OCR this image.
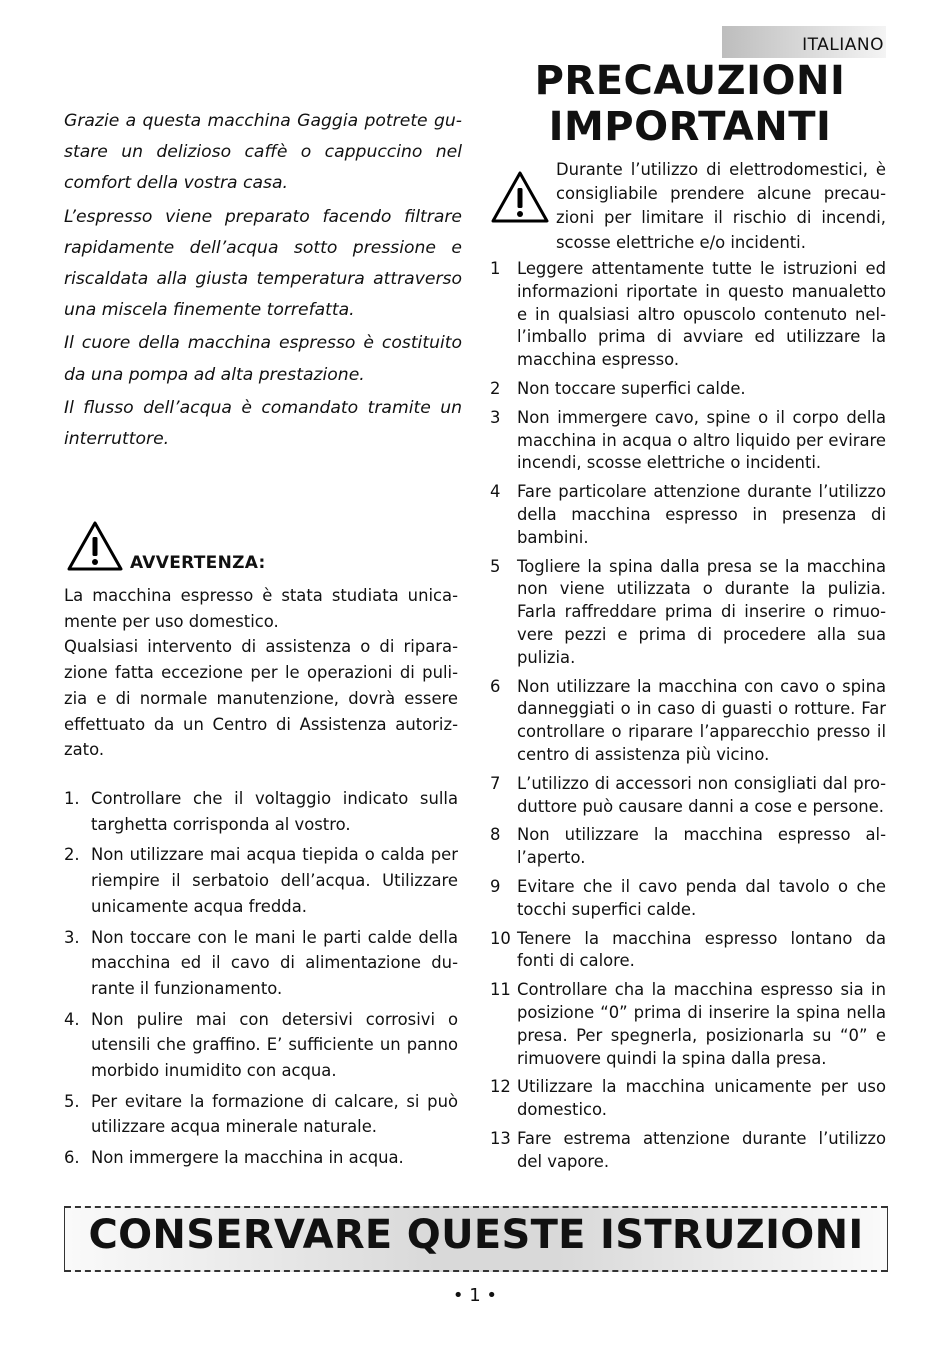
ITALIANO
PRECAUZIONI
IMPORTANTI

Grazie a questa macchina Gaggia potrete gustare un delizioso caffè o cappuccino nel comfort della vostra casa.

L’espresso viene preparato facendo filtrare rapidamente dell’acqua sotto pressione e riscaldata alla giusta temperatura attraverso una miscela finemente torrefatta.

Il cuore della macchina espresso è costituito da una pompa ad alta prestazione.

Il flusso dell’acqua è comandato tramite un interruttore.

AVVERTENZA:

La macchina espresso è stata studiata unicamente per uso domestico.

Qualsiasi intervento di assistenza o di riparazione fatta eccezione per le operazioni di pulizia e di normale manutenzione, dovrà essere effettuato da un Centro di Assistenza autorizzato.

1. Controllare che il voltaggio indicato sulla targhetta corrisponda al vostro.
2. Non utilizzare mai acqua tiepida o calda per riempire il serbatoio dell’acqua. Utilizzare unicamente acqua fredda.
3. Non toccare con le mani le parti calde della macchina ed il cavo di alimentazione durante il funzionamento.
4. Non pulire mai con detersivi corrosivi o utensili che graffino. E’ sufficiente un panno morbido inumidito con acqua.
5. Per evitare la formazione di calcare, si può utilizzare acqua minerale naturale.
6. Non immergere la macchina in acqua.
Durante l’utilizzo di elettrodomestici, è consigliabile prendere alcune precauzioni per limitare il rischio di incendi, scosse elettriche e/o incidenti.
1	Leggere attentamente tutte le istruzioni ed informazioni riportate in questo manualetto e in qualsiasi altro opuscolo contenuto nell’imballo prima di avviare ed utilizzare la macchina espresso.
2	Non toccare superfici calde.
3	Non immergere cavo, spine o il corpo della macchina in acqua o altro liquido per evirare incendi, scosse elettriche o incidenti.
4	Fare particolare attenzione durante l’utilizzo della macchina espresso in presenza di bambini.
5	Togliere la spina dalla presa se la macchina non viene utilizzata o durante la pulizia. Farla raffreddare prima di inserire o rimuovere pezzi e prima di procedere alla sua pulizia.
6	Non utilizzare la macchina con cavo o spina danneggiati o in caso di guasti o rotture. Far controllare o riparare l’apparecchio presso il centro di assistenza più vicino.
7	L’utilizzo di accessori non consigliati dal produttore può causare danni a cose e persone.
8	Non utilizzare la macchina espresso all’aperto.
9	Evitare che il cavo penda dal tavolo o che tocchi superfici calde.
10 Tenere la macchina espresso lontano da fonti di calore.
11 Controllare cha la macchina espresso sia in posizione “0” prima di inserire la spina nella presa. Per spegnerla, posizionarla su “0” e rimuovere quindi la spina dalla presa.
12 Utilizzare la macchina unicamente per uso domestico.
13 Fare estrema attenzione durante l’utilizzo del vapore.
CONSERVARE QUESTE ISTRUZIONI
• 1 •
